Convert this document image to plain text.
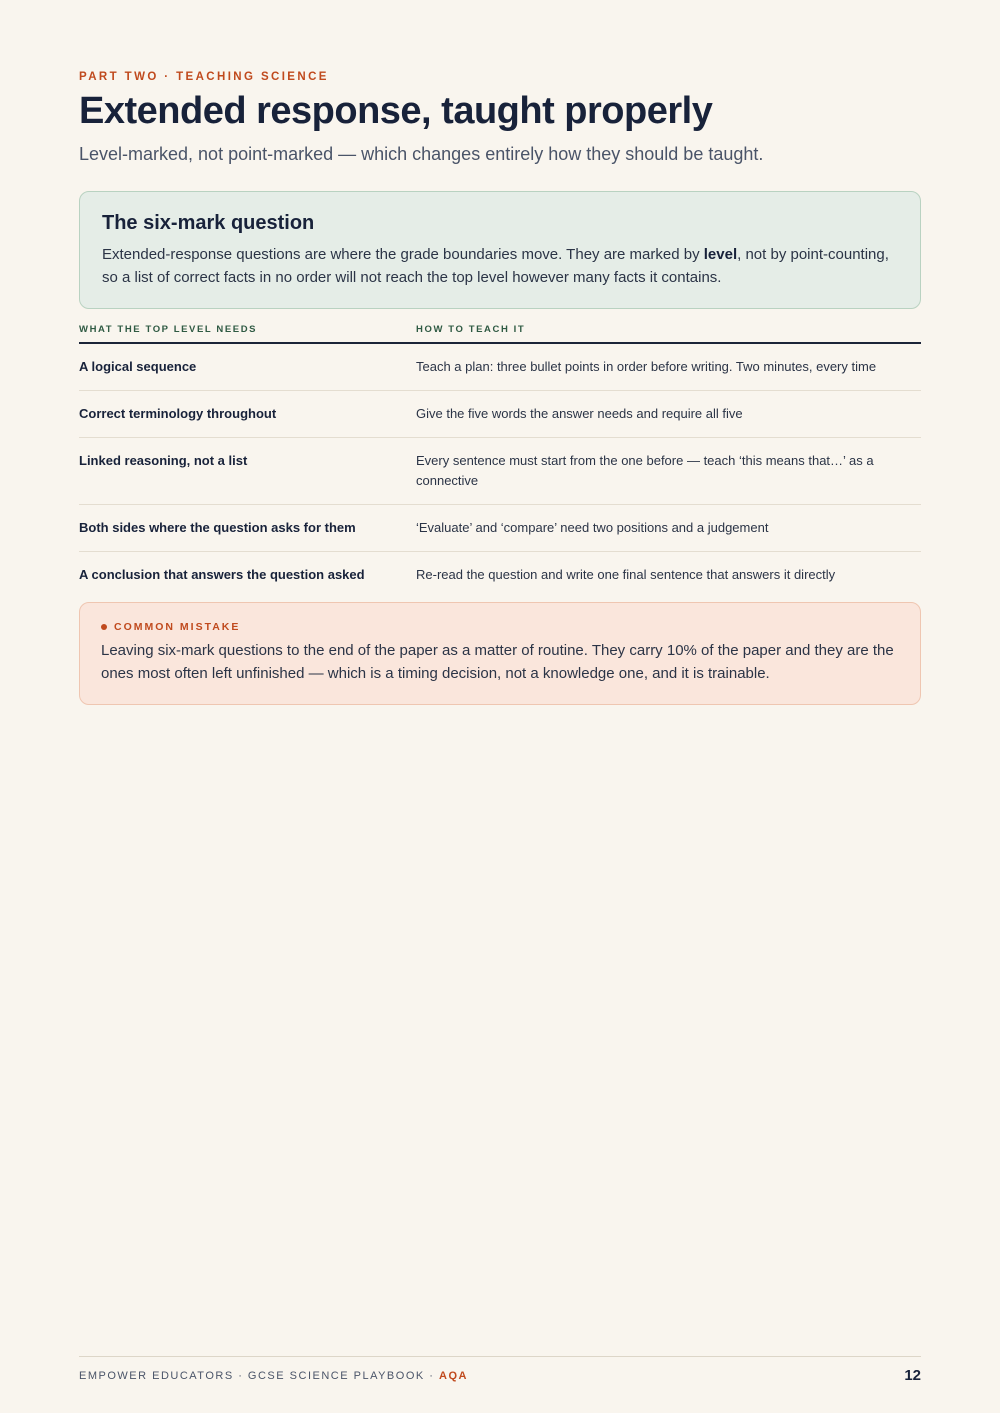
PART TWO · TEACHING SCIENCE
Extended response, taught properly
Level-marked, not point-marked — which changes entirely how they should be taught.
The six-mark question

Extended-response questions are where the grade boundaries move. They are marked by level, not by point-counting, so a list of correct facts in no order will not reach the top level however many facts it contains.

WHAT THE TOP LEVEL NEEDS	HOW TO TEACH IT
A logical sequence	Teach a plan: three bullet points in order before writing. Two minutes, every time
Correct terminology throughout	Give the five words the answer needs and require all five
Linked reasoning, not a list	Every sentence must start from the one before — teach ‘this means that…’ as a connective
Both sides where the question asks for them	‘Evaluate’ and ‘compare’ need two positions and a judgement
A conclusion that answers the question asked	Re-read the question and write one final sentence that answers it directly
COMMON MISTAKE

Leaving six-mark questions to the end of the paper as a matter of routine. They carry 10% of the paper and they are the ones most often left unfinished — which is a timing decision, not a knowledge one, and it is trainable.

EMPOWER EDUCATORS · GCSE SCIENCE PLAYBOOK · AQA	12
